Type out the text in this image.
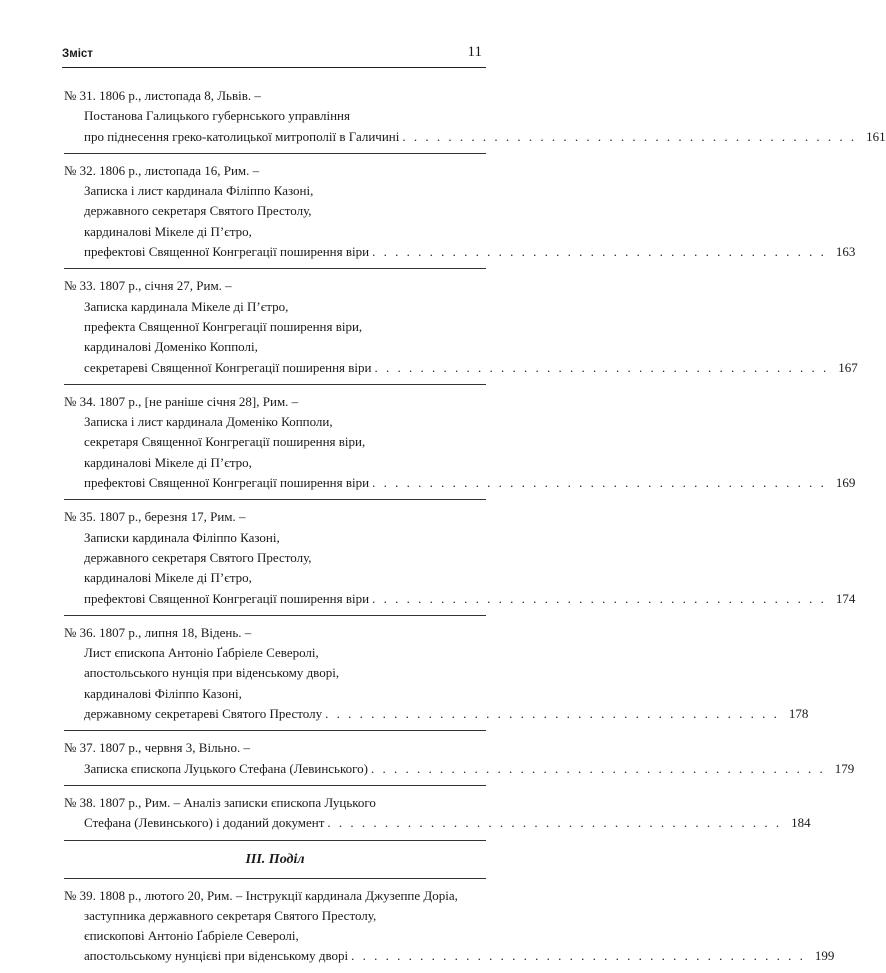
Зміст	11
№ 31. 1806 р., листопада 8, Львів. –
Постанова Галицького губернського управління
про піднесення греко-католицької митрополії в Галичині . . . . . . . . . . . . . . . . . . . . . . . . . . . . . . . . . . . . . . . . 161
№ 32. 1806 р., листопада 16, Рим. –
Записка і лист кардинала Філіппо Казоні,
державного секретаря Святого Престолу,
кардиналові Мікеле ді П’єтро,
префектові Священної Конгрегації поширення віри . . . . . . . . . . . . . . . . . . . . . . . . . . . . . . . . . . . . . . . . 163
№ 33. 1807 р., січня 27, Рим. –
Записка кардинала Мікеле ді П’єтро,
префекта Священної Конгрегації поширення віри,
кардиналові Доменіко Копполі,
секретареві Священної Конгрегації поширення віри . . . . . . . . . . . . . . . . . . . . . . . . . . . . . . . . . . . . . . . . 167
№ 34. 1807 р., [не раніше січня 28], Рим. –
Записка і лист кардинала Доменіко Копполи,
секретаря Священної Конгрегації поширення віри,
кардиналові Мікеле ді П’єтро,
префектові Священної Конгрегації поширення віри . . . . . . . . . . . . . . . . . . . . . . . . . . . . . . . . . . . . . . . . 169
№ 35. 1807 р., березня 17, Рим. –
Записки кардинала Філіппо Казоні,
державного секретаря Святого Престолу,
кардиналові Мікеле ді П’єтро,
префектові Священної Конгрегації поширення віри . . . . . . . . . . . . . . . . . . . . . . . . . . . . . . . . . . . . . . . . 174
№ 36. 1807 р., липня 18, Відень. –
Лист єпископа Антоніо Ґабріеле Северолі,
апостольського нунція при віденському дворі,
кардиналові Філіппо Казоні,
державному секретареві Святого Престолу . . . . . . . . . . . . . . . . . . . . . . . . . . . . . . . . . . . . . . . . 178
№ 37. 1807 р., червня 3, Вільно. –
Записка єпископа Луцького Стефана (Левинського) . . . . . . . . . . . . . . . . . . . . . . . . . . . . . . . . . . . . . . . . 179
№ 38. 1807 р., Рим. – Аналіз записки єпископа Луцького
Стефана (Левинського) і доданий документ . . . . . . . . . . . . . . . . . . . . . . . . . . . . . . . . . . . . . . . . 184
III. Поділ
№ 39. 1808 р., лютого 20, Рим. – Інструкції кардинала Джузеппе Доріа,
заступника державного секретаря Святого Престолу,
єпископові Антоніо Ґабріеле Северолі,
апостольському нунцієві при віденському дворі . . . . . . . . . . . . . . . . . . . . . . . . . . . . . . . . . . . . . . . . 199
